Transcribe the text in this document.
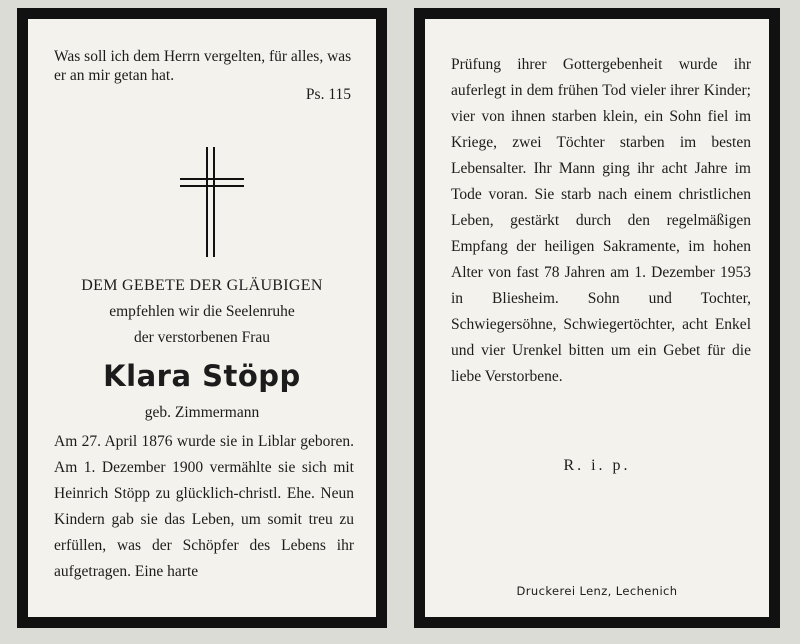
Was soll ich dem Herrn vergelten, für alles, was er an mir getan hat.
Ps. 115
DEM GEBETE DER GLÄUBIGEN
empfehlen wir die Seelenruhe
der verstorbenen Frau
Klara Stöpp
geb. Zimmermann
Am 27. April 1876 wurde sie in Liblar geboren. Am 1. Dezember 1900 vermählte sie sich mit Heinrich Stöpp zu glücklich-christl. Ehe. Neun Kindern gab sie das Leben, um somit treu zu erfüllen, was der Schöpfer des Lebens ihr aufgetragen. Eine harte
Prüfung ihrer Gottergebenheit wurde ihr auferlegt in dem frühen Tod vieler ihrer Kinder; vier von ihnen starben klein, ein Sohn fiel im Kriege, zwei Töchter starben im besten Lebensalter. Ihr Mann ging ihr acht Jahre im Tode voran. Sie starb nach einem christlichen Leben, gestärkt durch den regelmäßigen Empfang der heiligen Sakramente, im hohen Alter von fast 78 Jahren am 1. Dezember 1953 in Bliesheim. Sohn und Tochter, Schwiegersöhne, Schwiegertöchter, acht Enkel und vier Urenkel bitten um ein Gebet für die liebe Verstorbene.
R. i. p.
Druckerei Lenz, Lechenich
